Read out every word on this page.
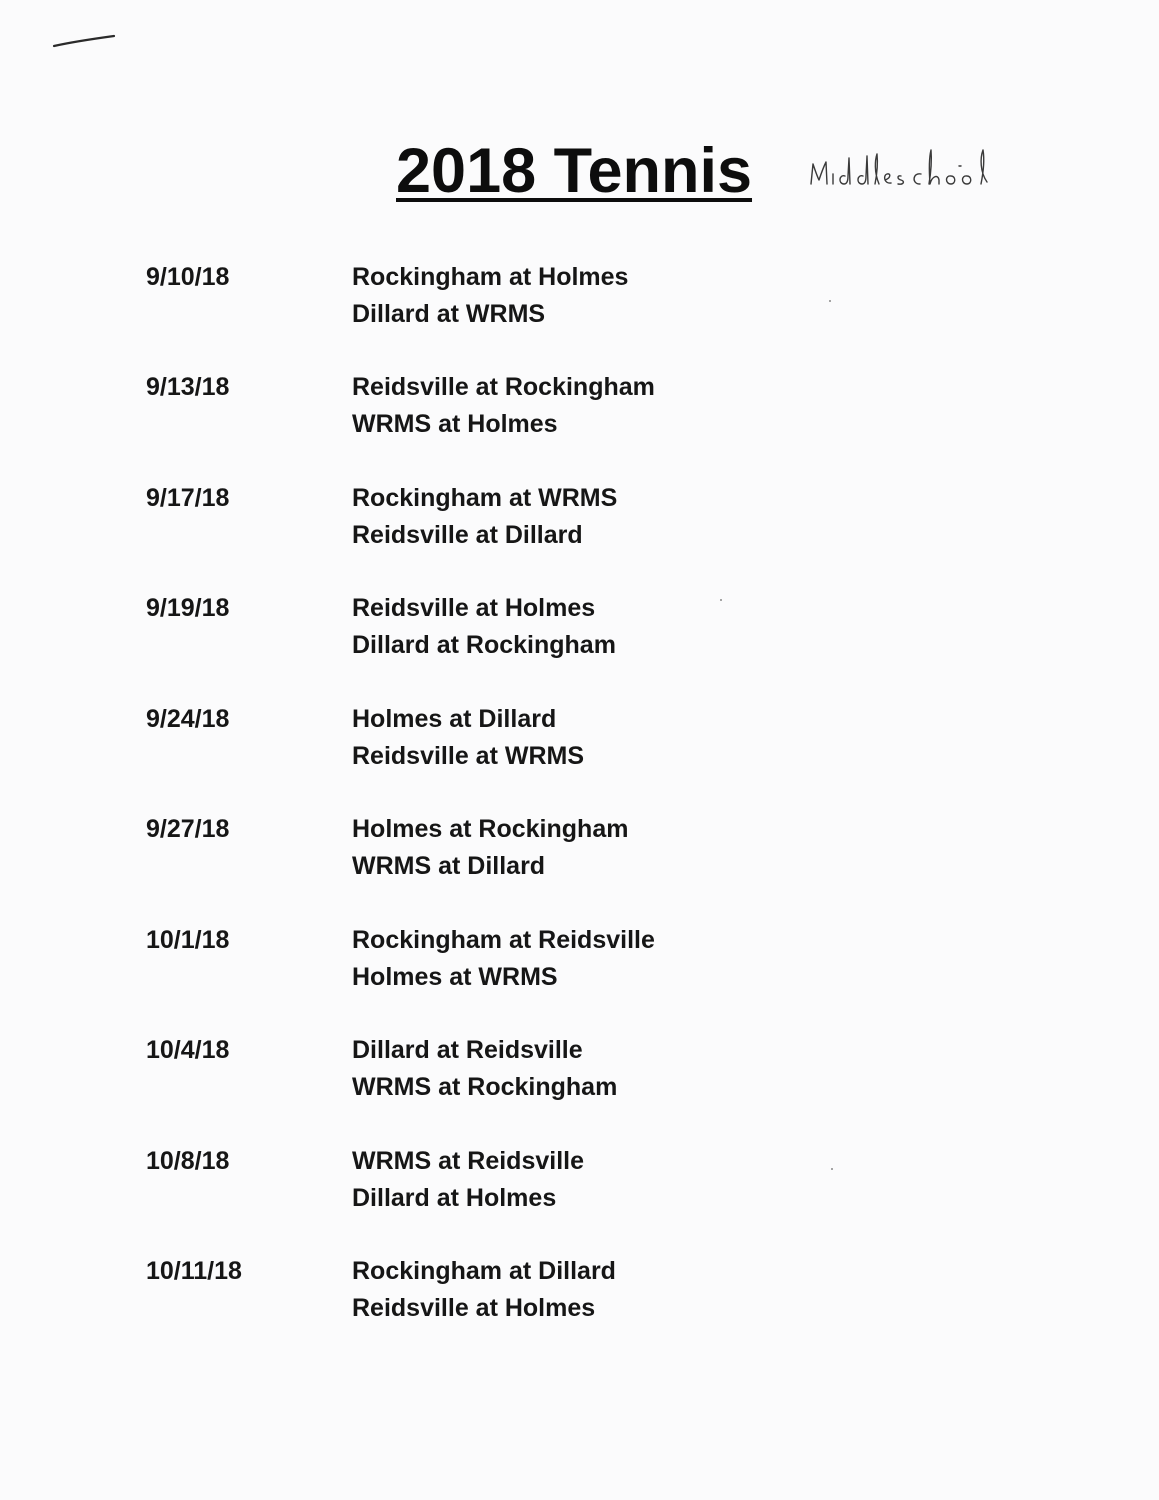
2018 Tennis
9/10/18	Rockingham at Holmes
Dillard at WRMS
9/13/18	Reidsville at Rockingham
WRMS at Holmes
9/17/18	Rockingham at WRMS
Reidsville at Dillard
9/19/18	Reidsville at Holmes
Dillard at Rockingham
9/24/18	Holmes at Dillard
Reidsville at WRMS
9/27/18	Holmes at Rockingham
WRMS at Dillard
10/1/18	Rockingham at Reidsville
Holmes at WRMS
10/4/18	Dillard at Reidsville
WRMS at Rockingham
10/8/18	WRMS at Reidsville
Dillard at Holmes
10/11/18	Rockingham at Dillard
Reidsville at Holmes
